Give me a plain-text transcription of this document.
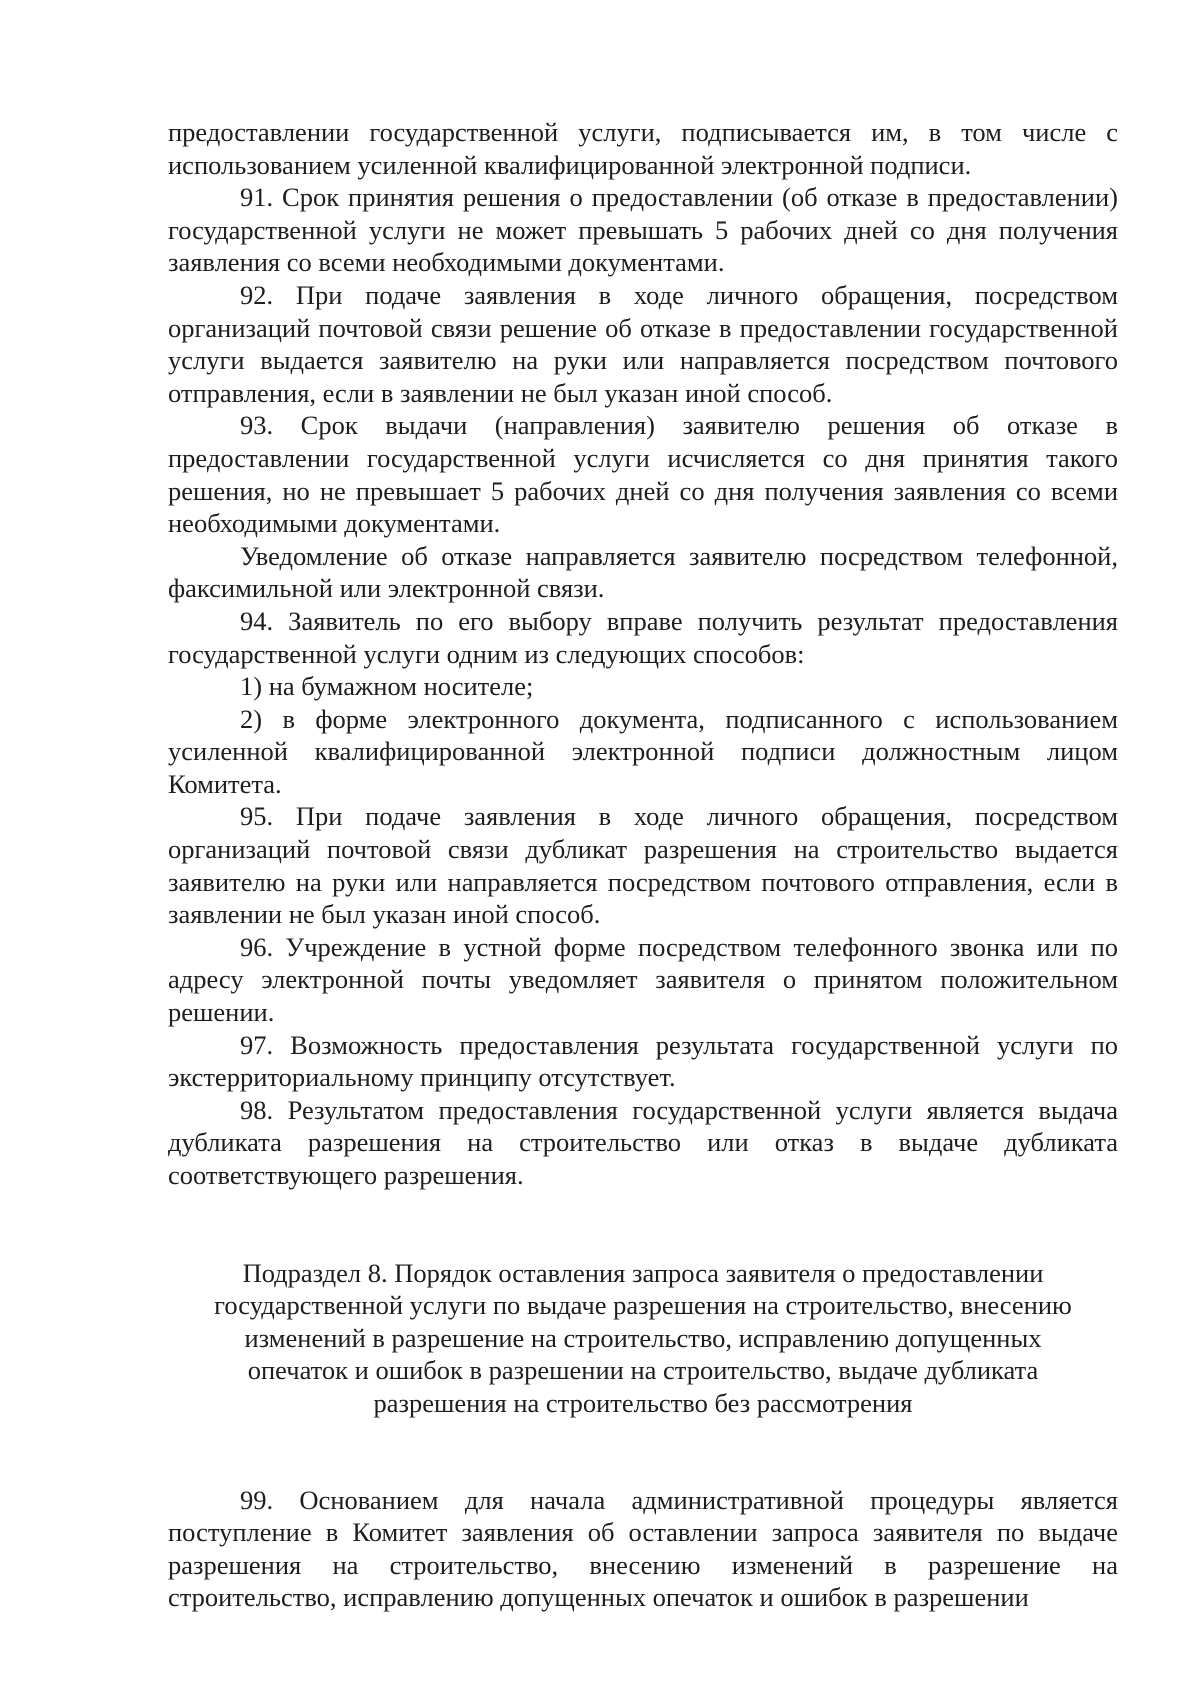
предоставлении государственной услуги, подписывается им, в том числе с использованием усиленной квалифицированной электронной подписи.

91. Срок принятия решения о предоставлении (об отказе в предоставлении) государственной услуги не может превышать 5 рабочих дней со дня получения заявления со всеми необходимыми документами.

92. При подаче заявления в ходе личного обращения, посредством организаций почтовой связи решение об отказе в предоставлении государственной услуги выдается заявителю на руки или направляется посредством почтового отправления, если в заявлении не был указан иной способ.

93. Срок выдачи (направления) заявителю решения об отказе в предоставлении государственной услуги исчисляется со дня принятия такого решения, но не превышает 5 рабочих дней со дня получения заявления со всеми необходимыми документами.

Уведомление об отказе направляется заявителю посредством телефонной, факсимильной или электронной связи.

94. Заявитель по его выбору вправе получить результат предоставления государственной услуги одним из следующих способов:

1) на бумажном носителе;

2) в форме электронного документа, подписанного с использованием усиленной квалифицированной электронной подписи должностным лицом Комитета.

95. При подаче заявления в ходе личного обращения, посредством организаций почтовой связи дубликат разрешения на строительство выдается заявителю на руки или направляется посредством почтового отправления, если в заявлении не был указан иной способ.

96. Учреждение в устной форме посредством телефонного звонка или по адресу электронной почты уведомляет заявителя о принятом положительном решении.

97. Возможность предоставления результата государственной услуги по экстерриториальному принципу отсутствует.

98. Результатом предоставления государственной услуги является выдача дубликата разрешения на строительство или отказ в выдаче дубликата соответствующего разрешения.

Подраздел 8. Порядок оставления запроса заявителя о предоставлении
государственной услуги по выдаче разрешения на строительство, внесению
изменений в разрешение на строительство, исправлению допущенных
опечаток и ошибок в разрешении на строительство, выдаче дубликата
разрешения на строительство без рассмотрения

99. Основанием для начала административной процедуры является поступление в Комитет заявления об оставлении запроса заявителя по выдаче разрешения на строительство, внесению изменений в разрешение на строительство, исправлению допущенных опечаток и ошибок в разрешении
